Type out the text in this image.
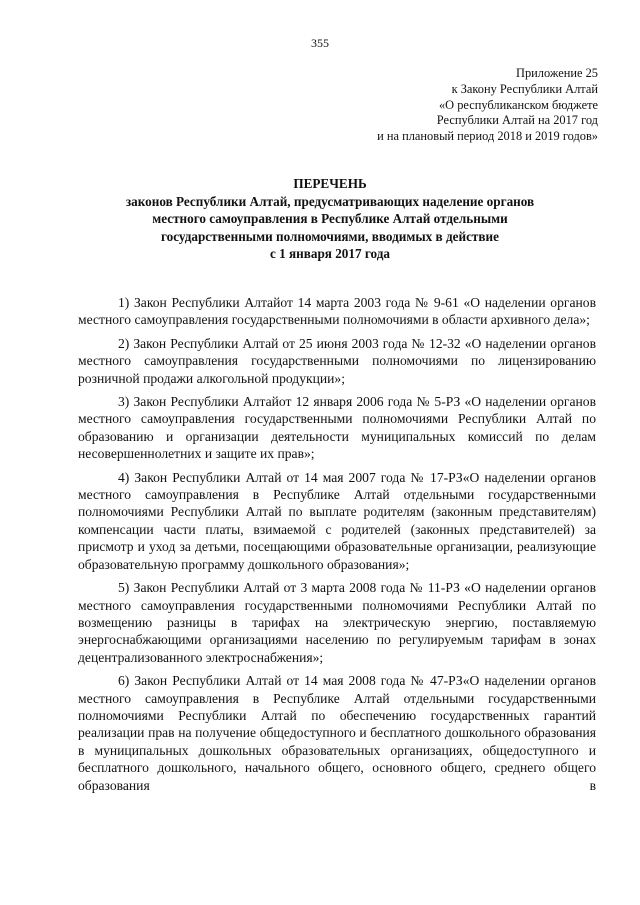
355
Приложение 25
к Закону Республики Алтай
«О республиканском бюджете
Республики Алтай на 2017 год
и на плановый период 2018 и 2019 годов»
ПЕРЕЧЕНЬ
законов Республики Алтай, предусматривающих наделение органов
местного самоуправления в Республике Алтай отдельными
государственными полномочиями, вводимых в действие
с 1 января 2017 года

1) Закон Республики Алтайот 14 марта 2003 года № 9-61 «О наделении органов местного самоуправления государственными полномочиями в области архивного дела»;

2) Закон Республики Алтай от 25 июня 2003 года № 12-32 «О наделении органов местного самоуправления государственными полномочиями по лицензированию розничной продажи алкогольной продукции»;

3) Закон Республики Алтайот 12 января 2006 года № 5-РЗ «О наделении органов местного самоуправления государственными полномочиями Республики Алтай по образованию и организации деятельности муниципальных комиссий по делам несовершеннолетних и защите их прав»;

4) Закон Республики Алтай от 14 мая 2007 года № 17-РЗ«О наделении органов местного самоуправления в Республике Алтай отдельными государственными полномочиями Республики Алтай по выплате родителям (законным представителям) компенсации части платы, взимаемой с родителей (законных представителей) за присмотр и уход за детьми, посещающими образовательные организации, реализующие образовательную программу дошкольного образования»;

5) Закон Республики Алтай от 3 марта 2008 года № 11-РЗ «О наделении органов местного самоуправления государственными полномочиями Республики Алтай по возмещению разницы в тарифах на электрическую энергию, поставляемую энергоснабжающими организациями населению по регулируемым тарифам в зонах децентрализованного электроснабжения»;

6) Закон Республики Алтай от 14 мая 2008 года № 47-РЗ«О наделении органов местного самоуправления в Республике Алтай отдельными государственными полномочиями Республики Алтай по обеспечению государственных гарантий реализации прав на получение общедоступного и бесплатного дошкольного образования в муниципальных дошкольных образовательных организациях, общедоступного и бесплатного дошкольного, начального общего, основного общего, среднего общего образования в
